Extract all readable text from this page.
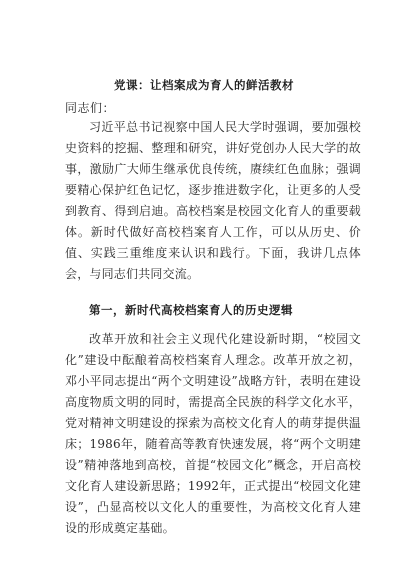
党课：让档案成为育人的鲜活教材
同志们：

习近平总书记视察中国人民大学时强调，要加强校史资料的挖掘、整理和研究，讲好党创办人民大学的故事，激励广大师生继承优良传统，赓续红色血脉；强调要精心保护红色记忆，逐步推进数字化，让更多的人受到教育、得到启迪。高校档案是校园文化育人的重要载体。新时代做好高校档案育人工作，可以从历史、价值、实践三重维度来认识和践行。下面，我讲几点体会，与同志们共同交流。

第一，新时代高校档案育人的历史逻辑

改革开放和社会主义现代化建设新时期，“校园文化”建设中酝酿着高校档案育人理念。改革开放之初，邓小平同志提出“两个文明建设”战略方针，表明在建设高度物质文明的同时，需提高全民族的科学文化水平，党对精神文明建设的探索为高校文化育人的萌芽提供温床；1986年，随着高等教育快速发展，将“两个文明建设”精神落地到高校，首提“校园文化”概念，开启高校文化育人建设新思路；1992年，正式提出“校园文化建设”，凸显高校以文化人的重要性，为高校文化育人建设的形成奠定基础。
